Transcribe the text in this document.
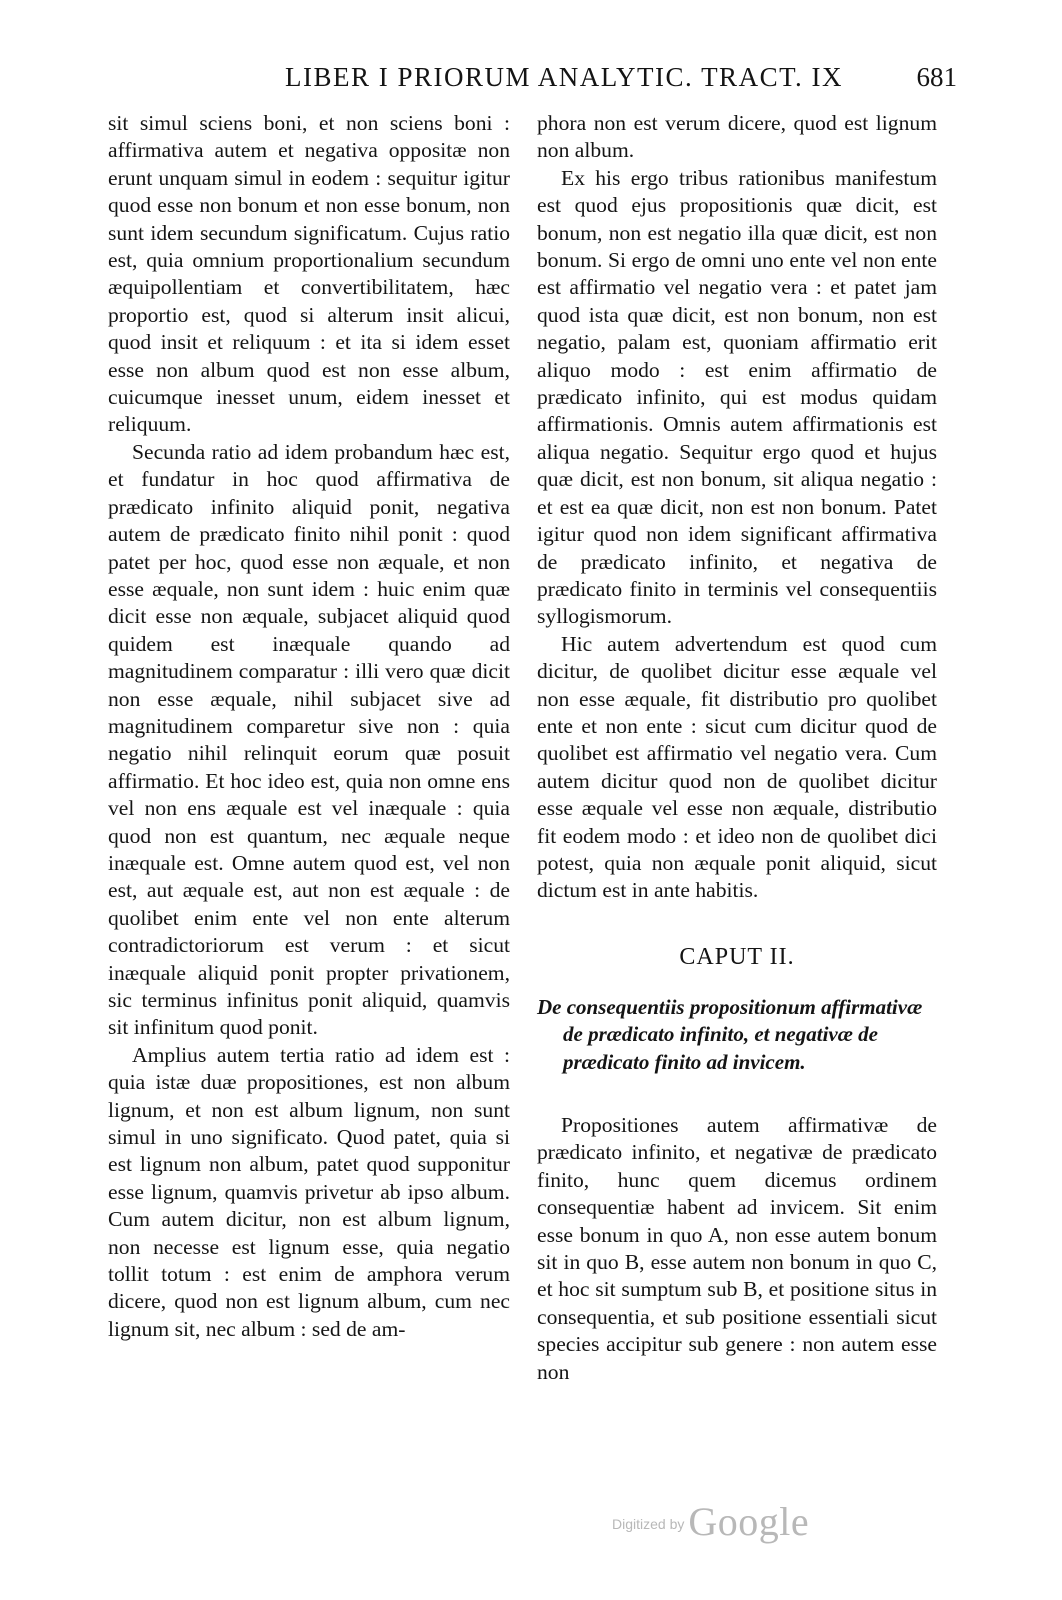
LIBER I PRIORUM ANALYTIC. TRACT. IX	681

sit simul sciens boni, et non sciens boni : affirmativa autem et negativa oppositæ non erunt unquam simul in eodem : sequitur igitur quod esse non bonum et non esse bonum, non sunt idem secundum significatum. Cujus ratio est, quia omnium proportionalium secundum æquipollentiam et convertibilitatem, hæc proportio est, quod si alterum insit alicui, quod insit et reliquum : et ita si idem esset esse non album quod est non esse album, cuicumque inesset unum, eidem inesset et reliquum.

Secunda ratio ad idem probandum hæc est, et fundatur in hoc quod affirmativa de prædicato infinito aliquid ponit, negativa autem de prædicato finito nihil ponit : quod patet per hoc, quod esse non æquale, et non esse æquale, non sunt idem : huic enim quæ dicit esse non æquale, subjacet aliquid quod quidem est inæquale quando ad magnitudinem comparatur : illi vero quæ dicit non esse æquale, nihil subjacet sive ad magnitudinem comparetur sive non : quia negatio nihil relinquit eorum quæ posuit affirmatio. Et hoc ideo est, quia non omne ens vel non ens æquale est vel inæquale : quia quod non est quantum, nec æquale neque inæquale est. Omne autem quod est, vel non est, aut æquale est, aut non est æquale : de quolibet enim ente vel non ente alterum contradictoriorum est verum : et sicut inæquale aliquid ponit propter privationem, sic terminus infinitus ponit aliquid, quamvis sit infinitum quod ponit.

Amplius autem tertia ratio ad idem est : quia istæ duæ propositiones, est non album lignum, et non est album lignum, non sunt simul in uno significato. Quod patet, quia si est lignum non album, patet quod supponitur esse lignum, quamvis privetur ab ipso album. Cum autem dicitur, non est album lignum, non necesse est lignum esse, quia negatio tollit totum : est enim de amphora verum dicere, quod non est lignum album, cum nec lignum sit, nec album : sed de am-

phora non est verum dicere, quod est lignum non album.

Ex his ergo tribus rationibus manifestum est quod ejus propositionis quæ dicit, est bonum, non est negatio illa quæ dicit, est non bonum. Si ergo de omni uno ente vel non ente est affirmatio vel negatio vera : et patet jam quod ista quæ dicit, est non bonum, non est negatio, palam est, quoniam affirmatio erit aliquo modo : est enim affirmatio de prædicato infinito, qui est modus quidam affirmationis. Omnis autem affirmationis est aliqua negatio. Sequitur ergo quod et hujus quæ dicit, est non bonum, sit aliqua negatio : et est ea quæ dicit, non est non bonum. Patet igitur quod non idem significant affirmativa de prædicato infinito, et negativa de prædicato finito in terminis vel consequentiis syllogismorum.

Hic autem advertendum est quod cum dicitur, de quolibet dicitur esse æquale vel non esse æquale, fit distributio pro quolibet ente et non ente : sicut cum dicitur quod de quolibet est affirmatio vel negatio vera. Cum autem dicitur quod non de quolibet dicitur esse æquale vel esse non æquale, distributio fit eodem modo : et ideo non de quolibet dici potest, quia non æquale ponit aliquid, sicut dictum est in ante habitis.

CAPUT II.
De consequentiis propositionum affirmativæ de prædicato infinito, et negativæ de prædicato finito ad invicem.

Propositiones autem affirmativæ de prædicato infinito, et negativæ de prædicato finito, hunc quem dicemus ordinem consequentiæ habent ad invicem. Sit enim esse bonum in quo A, non esse autem bonum sit in quo B, esse autem non bonum in quo C, et hoc sit sumptum sub B, et positione situs in consequentia, et sub positione essentiali sicut species accipitur sub genere : non autem esse non

Digitized by Google
